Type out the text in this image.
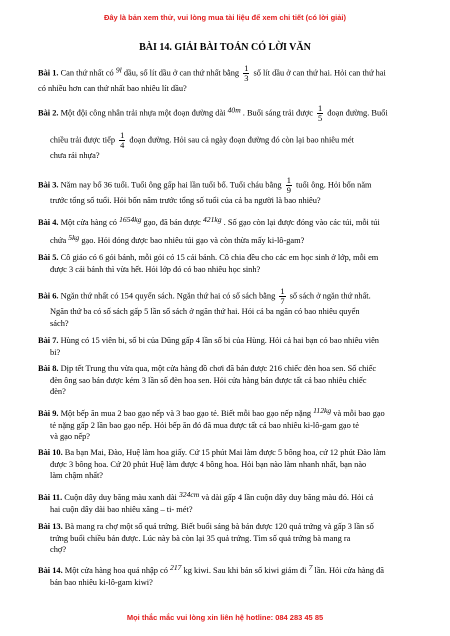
Đây là bản xem thử, vui lòng mua tài liệu để xem chi tiết (có lời giải)
BÀI 14. GIẢI BÀI TOÁN CÓ LỜI VĂN
Bài 1. Can thứ nhất có 9l dầu, số lít dầu ở can thứ nhất bằng $\frac{1}{3}$ số lít dầu ở can thứ hai. Hỏi can thứ hai
có nhiều hơn can thứ nhất bao nhiêu lít dầu?
Bài 2. Một đội công nhân trải nhựa một đoạn đường dài 40m . Buổi sáng trải được $\frac{1}{5}$ đoạn đường. Buổi
chiều trải được tiếp $\frac{1}{4}$ đoạn đường. Hỏi sau cả ngày đoạn đường đó còn lại bao nhiêu mét
chưa rải nhựa?
Bài 3. Năm nay bố 36 tuổi. Tuổi ông gấp hai lần tuổi bố. Tuổi cháu bằng $\frac{1}{9}$ tuổi ông. Hỏi bốn năm
trước tổng số tuổi. Hỏi bốn năm trước tổng số tuổi của cả ba người là bao nhiêu?
Bài 4. Một cửa hàng có 1654kg gạo, đã bán được 421kg . Số gạo còn lại được đóng vào các túi, mỗi túi
chứa 5kg gạo. Hỏi đóng được bao nhiêu túi gạo và còn thừa mấy ki-lô-gam?
Bài 5. Cô giáo có 6 gói bánh, mỗi gói có 15 cái bánh. Cô chia đều cho các em học sinh ở lớp, mỗi em
được 3 cái bánh thì vừa hết. Hỏi lớp đó có bao nhiêu học sinh?
Bài 6. Ngăn thứ nhất có 154 quyển sách. Ngăn thứ hai có số sách bằng $\frac{1}{7}$ số sách ở ngăn thứ nhất.
Ngăn thứ ba có số sách gấp 5 lần số sách ở ngăn thứ hai. Hỏi cả ba ngăn có bao nhiêu quyển
sách?
Bài 7. Hùng có 15 viên bi, số bi của Dũng gấp 4 lần số bi của Hùng. Hỏi cả hai bạn có bao nhiêu viên
bi?
Bài 8. Dịp tết Trung thu vừa qua, một cửa hàng đồ chơi đã bán được 216 chiếc đèn hoa sen. Số chiếc
đèn ông sao bán được kém 3 lần số đèn hoa sen. Hỏi cửa hàng bán được tất cả bao nhiêu chiếc
đèn?
Bài 9. Một bếp ăn mua 2 bao gạo nếp và 3 bao gạo tẻ. Biết mỗi bao gạo nếp nặng 112kg và mỗi bao gạo
tẻ nặng gấp 2 lần bao gạo nếp. Hỏi bếp ăn đó đã mua được tất cả bao nhiêu ki-lô-gam gạo tẻ
và gạo nếp?
Bài 10. Ba bạn Mai, Đào, Huệ làm hoa giấy. Cứ 15 phút Mai làm được 5 bông hoa, cứ 12 phút Đào làm
được 3 bông hoa. Cứ 20 phút Huệ làm được 4 bông hoa. Hỏi bạn nào làm nhanh nhất, bạn nào
làm chậm nhất?
Bài 11. Cuộn dây duy băng màu xanh dài 324cm và dài gấp 4 lần cuộn dây duy băng màu đỏ. Hỏi cả
hai cuộn dây dài bao nhiêu xăng – ti- mét?
Bài 13. Bà mang ra chợ một số quả trứng. Biết buổi sáng bà bán được 120 quả trứng và gấp 3 lần số
trứng buổi chiều bán được. Lúc này bà còn lại 35 quả trứng. Tìm số quả trứng bà mang ra
chợ?
Bài 14. Một cửa hàng hoa quả nhập có 217 kg kiwi. Sau khi bán số kiwi giảm đi 7 lần. Hỏi cửa hàng đã
bán bao nhiêu ki-lô-gam kiwi?
Mọi thắc mắc vui lòng xin liên hệ hotline: 084 283 45 85
